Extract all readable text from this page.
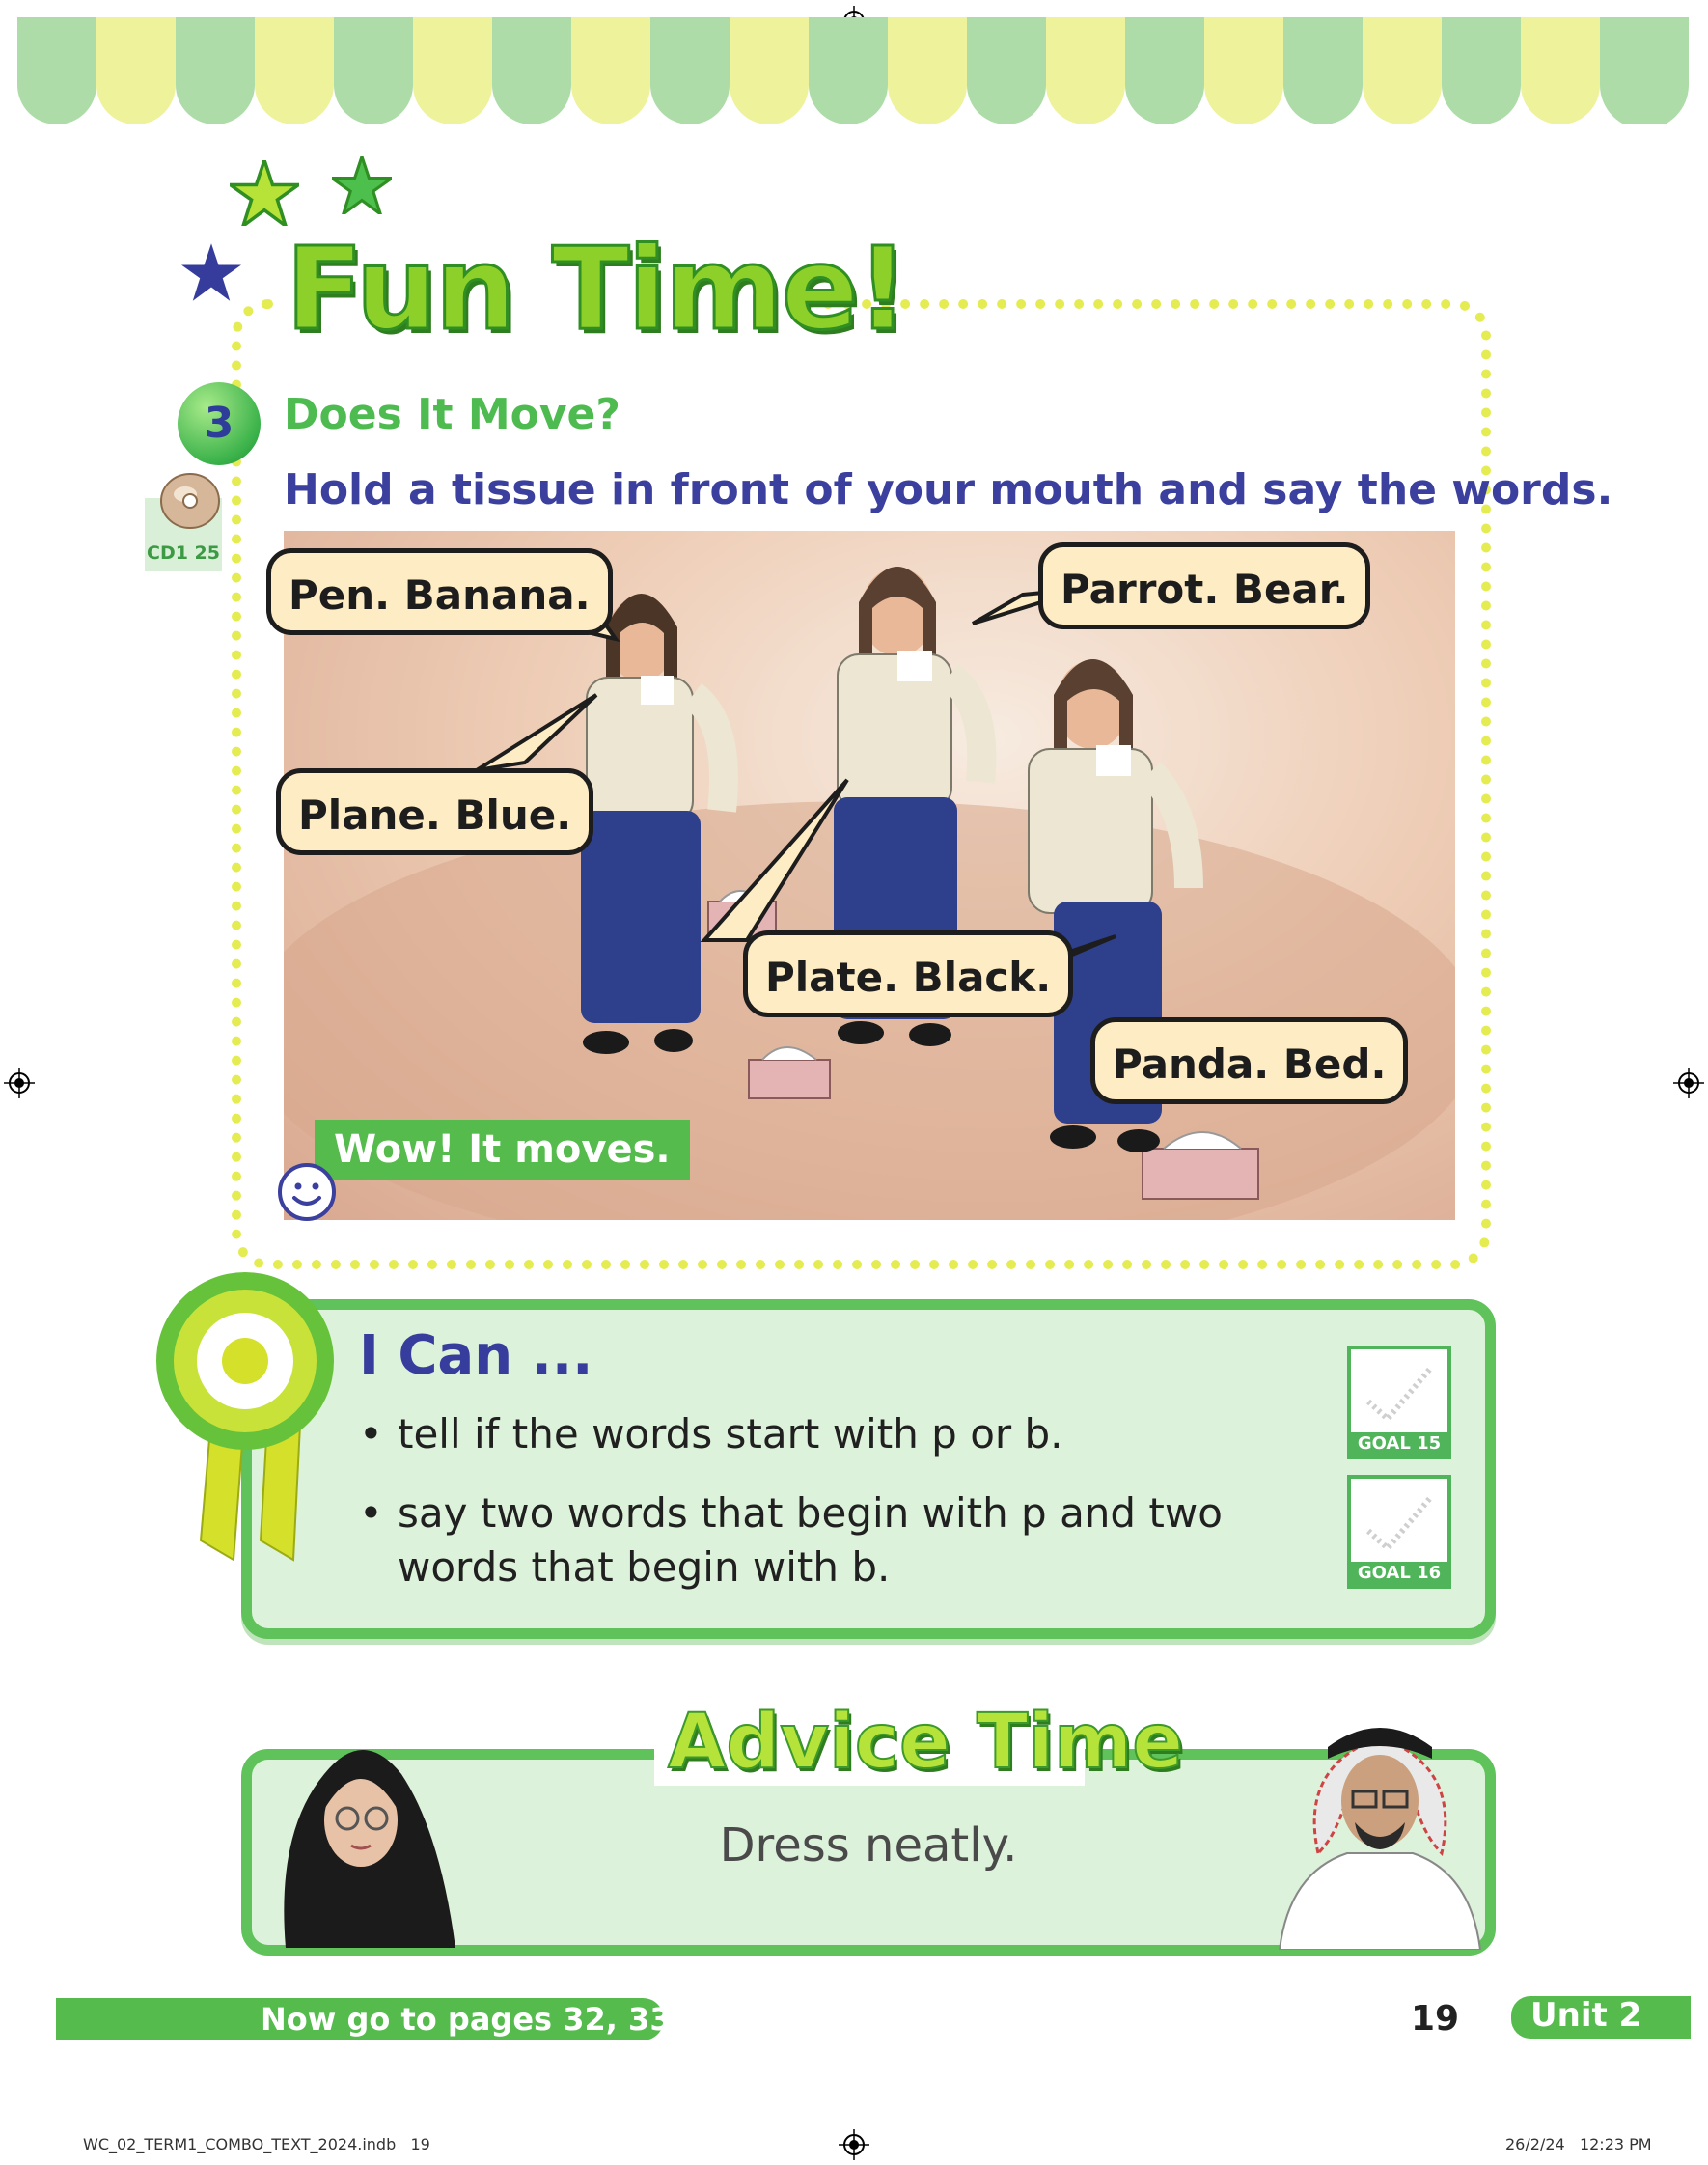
Fun Time!
3	Does It Move?
Hold a tissue in front of your mouth and say the words.
CD1 25
Pen. Banana.	Parrot. Bear.
Plane. Blue.
Plate. Black.
Panda. Bed.
Wow! It moves.
I Can ...
• tell if the words start with p or b.
• say two words that begin with p and two
words that begin with b.
GOAL 15
GOAL 16
Advice Time
Dress neatly.
Now go to pages 32, 33	19 Unit 2
WC_02_TERM1_COMBO_TEXT_2024.indb   19	26/2/24   12:23 PM
